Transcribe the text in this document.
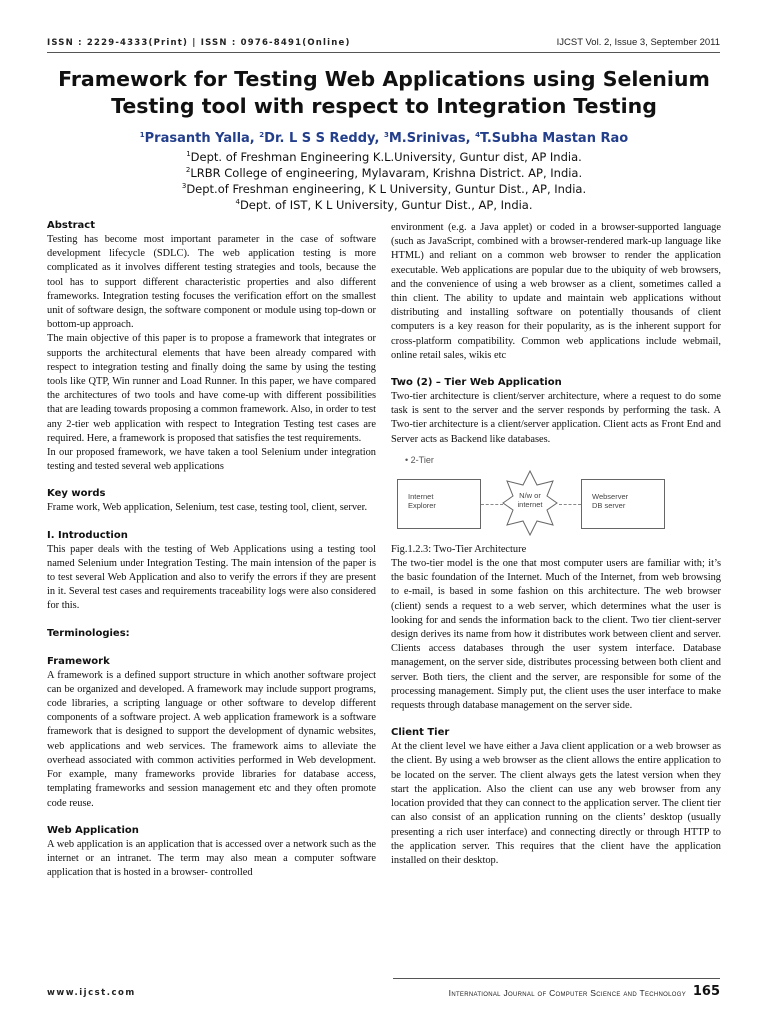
ISSN : 2229-4333(Print) | ISSN : 0976-8491(Online)	IJCST Vol. 2, Issue 3, September 2011
Framework for Testing Web Applications using Selenium
Testing tool with respect to Integration Testing
$^1$Prasanth Yalla, $^2$Dr. L S S Reddy, $^3$M.Srinivas, $^4$T.Subha Mastan Rao
$^1$Dept. of Freshman Engineering K.L.University, Guntur dist, AP India.
$^2$LRBR College of engineering, Mylavaram, Krishna District. AP, India.
$^3$Dept.of Freshman engineering, K L University, Guntur Dist., AP, India.
$^4$Dept. of IST, K L University, Guntur Dist., AP, India.
Abstract
Testing has become most important parameter in the case of software development lifecycle (SDLC). The web application testing is more complicated as it involves different testing strategies and tools, because the tool has to support different characteristic properties and also different frameworks. Integration testing focuses the verification effort on the smallest unit of software design, the software component or module using top-down or bottom-up approach.
The main objective of this paper is to propose a framework that integrates or supports the architectural elements that have been already compared with respect to integration testing and finally doing the same by using the testing tools like QTP, Win runner and Load Runner. In this paper, we have compared the architectures of two tools and have come-up with different possibilities that are leading towards proposing a common framework. Also, in order to test any 2-tier web application with respect to Integration Testing test cases are required. Here, a framework is proposed that satisfies the test requirements.
In our proposed framework, we have taken a tool Selenium under integration testing and tested several web applications
Key words
Frame work, Web application, Selenium, test case, testing tool, client, server.
I. Introduction
This paper deals with the testing of Web Applications using a testing tool named Selenium under Integration Testing. The main intension of the paper is to test several Web Application and also to verify the errors if they are present in it. Several test cases and requirements traceability logs were also considered for this.
Terminologies:
Framework
A framework is a defined support structure in which another software project can be organized and developed. A framework may include support programs, code libraries, a scripting language or other software to develop different components of a software project. A web application framework is a software framework that is designed to support the development of dynamic websites, web applications and web services. The framework aims to alleviate the overhead associated with common activities performed in Web development. For example, many frameworks provide libraries for database access, templating frameworks and session management etc and they often promote code reuse.
Web Application
A web application is an application that is accessed over a network such as the internet or an intranet. The term may also mean a computer software application that is hosted in a browser- controlled
environment (e.g. a Java applet) or coded in a browser-supported language (such as JavaScript, combined with a browser-rendered mark-up language like HTML) and reliant on a common web browser to render the application executable. Web applications are popular due to the ubiquity of web browsers, and the convenience of using a web browser as a client, sometimes called a thin client. The ability to update and maintain web applications without distributing and installing software on potentially thousands of client computers is a key reason for their popularity, as is the inherent support for cross-platform compatibility. Common web applications include webmail, online retail sales, wikis etc
Two (2) – Tier Web Application
Two-tier architecture is client/server architecture, where a request to do some task is sent to the server and the server responds by performing the task. A Two-tier architecture is a client/server application. Client acts as Front End and Server acts as Backend like databases.
• 2-Tier
Internet
Explorer
N/w or
internet
Webserver
DB server
Fig.1.2.3: Two-Tier Architecture
The two-tier model is the one that most computer users are familiar with; it’s the basic foundation of the Internet. Much of the Internet, from web browsing to e-mail, is based in some fashion on this architecture. The web browser (client) sends a request to a web server, which determines what the user is looking for and sends the information back to the client. Two tier client-server design derives its name from how it distributes work between client and server. Clients access databases through the user system interface. Database management, on the server side, distributes processing between both client and server. Both tiers, the client and the server, are responsible for some of the processing management. Simply put, the client uses the user interface to make requests through database management on the server side.
Client Tier
At the client level we have either a Java client application or a web browser as the client. By using a web browser as the client allows the entire application to be located on the server. The client always gets the latest version when they start the application. Also the client can use any web browser from any location provided that they can connect to the application server. The client tier can also consist of an application running on the clients’ desktop (usually presenting a rich user interface) and connecting directly or through HTTP to the application server. This requires that the client have the application installed on their desktop.
www.ijcst.com	International Journal of Computer Science and Technology 165
